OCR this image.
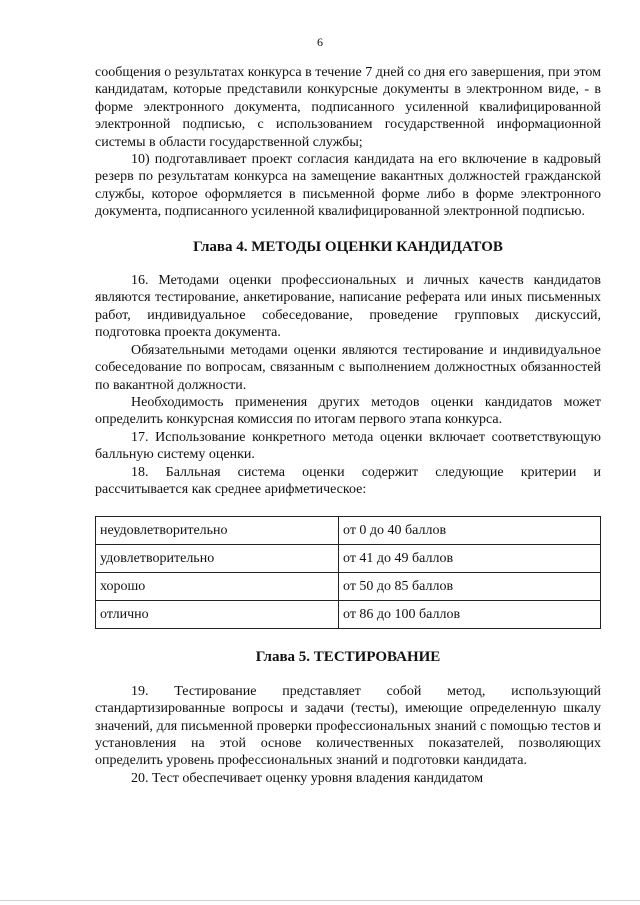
6

сообщения о результатах конкурса в течение 7 дней со дня его завершения, при этом кандидатам, которые представили конкурсные документы в электронном виде, - в форме электронного документа, подписанного усиленной квалифицированной электронной подписью, с использованием государственной информационной системы в области государственной службы;

10) подготавливает проект согласия кандидата на его включение в кадровый резерв по результатам конкурса на замещение вакантных должностей гражданской службы, которое оформляется в письменной форме либо в форме электронного документа, подписанного усиленной квалифицированной электронной подписью.

Глава 4. МЕТОДЫ ОЦЕНКИ КАНДИДАТОВ

16. Методами оценки профессиональных и личных качеств кандидатов являются тестирование, анкетирование, написание реферата или иных письменных работ, индивидуальное собеседование, проведение групповых дискуссий, подготовка проекта документа.

Обязательными методами оценки являются тестирование и индивидуальное собеседование по вопросам, связанным с выполнением должностных обязанностей по вакантной должности.

Необходимость применения других методов оценки кандидатов может определить конкурсная комиссия по итогам первого этапа конкурса.

17. Использование конкретного метода оценки включает соответствующую балльную систему оценки.

18. Балльная система оценки содержит следующие критерии и рассчитывается как среднее арифметическое:

неудовлетворительно	от 0 до 40 баллов
удовлетворительно	от 41 до 49 баллов
хорошо	от 50 до 85 баллов
отлично	от 86 до 100 баллов
Глава 5. ТЕСТИРОВАНИЕ

19. Тестирование представляет собой метод, использующий стандартизированные вопросы и задачи (тесты), имеющие определенную шкалу значений, для письменной проверки профессиональных знаний с помощью тестов и установления на этой основе количественных показателей, позволяющих определить уровень профессиональных знаний и подготовки кандидата.

20. Тест обеспечивает оценку уровня владения кандидатом
